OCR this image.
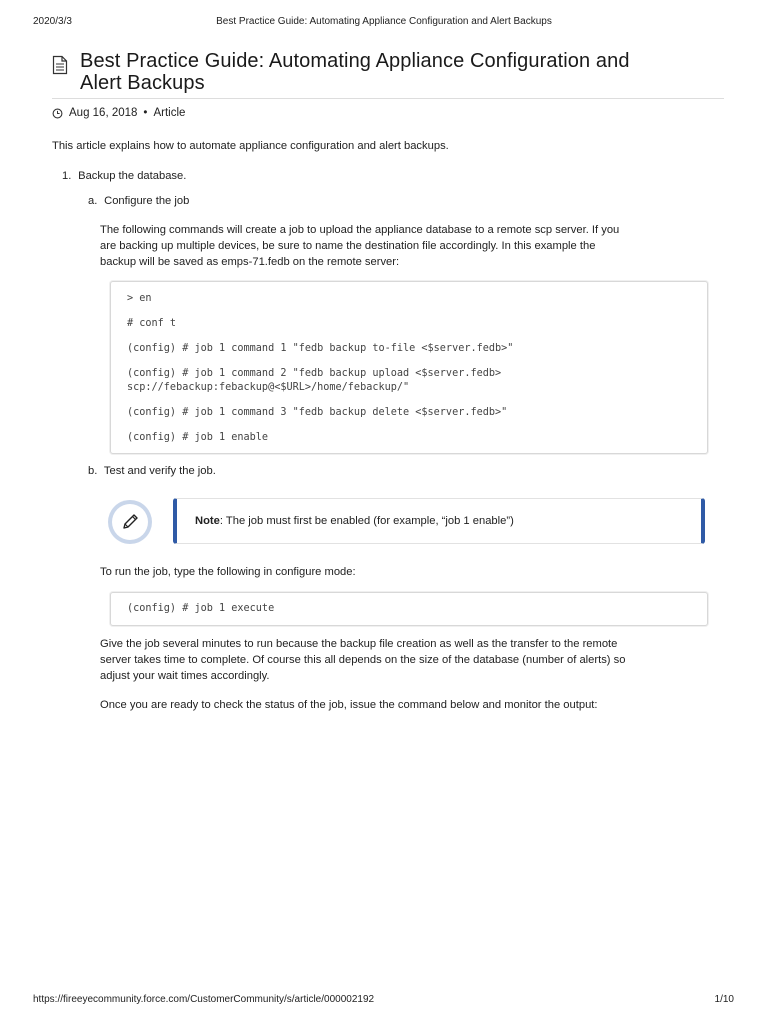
2020/3/3	Best Practice Guide: Automating Appliance Configuration and Alert Backups
Best Practice Guide: Automating Appliance Configuration and
Alert Backups
Aug 16, 2018 • Article

This article explains how to automate appliance configuration and alert backups.

1. Backup the database.
a. Configure the job

The following commands will create a job to upload the appliance database to a remote scp server. If you

are backing up multiple devices, be sure to name the destination file accordingly. In this example the

backup will be saved as emps-71.fedb on the remote server:

> en
# conf t
(config) # job 1 command 1 "fedb backup to-file <$server.fedb>"
(config) # job 1 command 2 "fedb backup upload <$server.fedb>
scp://febackup:febackup@<$URL>/home/febackup/"
(config) # job 1 command 3 "fedb backup delete <$server.fedb>"
(config) # job 1 enable
b. Test and verify the job.
Note: The job must first be enabled (for example, “job 1 enable”)

To run the job, type the following in configure mode:

(config) # job 1 execute

Give the job several minutes to run because the backup file creation as well as the transfer to the remote

server takes time to complete. Of course this all depends on the size of the database (number of alerts) so

adjust your wait times accordingly.

Once you are ready to check the status of the job, issue the command below and monitor the output:

https://fireeyecommunity.force.com/CustomerCommunity/s/article/000002192	1/10
